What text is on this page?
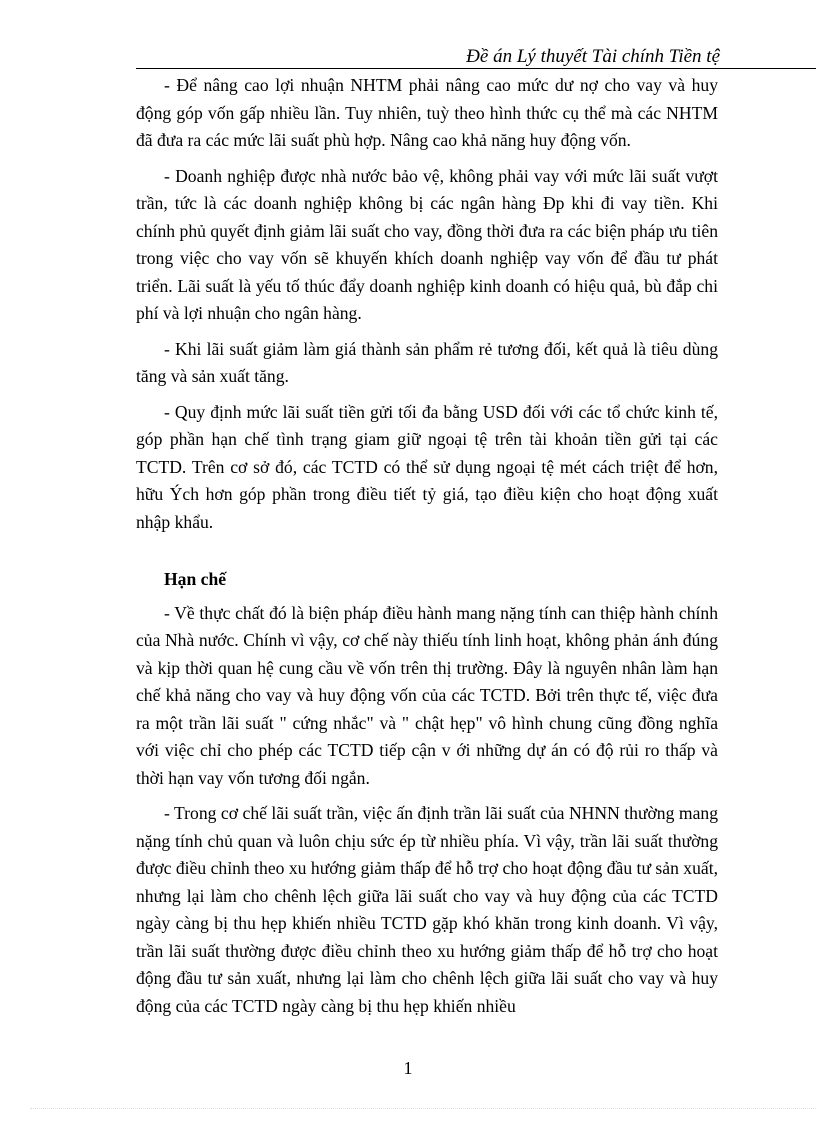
Đề án Lý thuyết Tài chính Tiền tệ

- Để nâng cao lợi nhuận NHTM phải nâng cao mức dư nợ cho vay và huy động góp vốn gấp nhiều lần. Tuy nhiên, tuỳ theo hình thức cụ thể mà các NHTM đã đưa ra các mức lãi suất phù hợp. Nâng cao khả năng huy động vốn.

- Doanh nghiệp được nhà nước bảo vệ, không phải vay với mức lãi suất vượt trần, tức là các doanh nghiệp không bị các ngân hàng Ðp khi đi vay tiền. Khi chính phủ quyết định giảm lãi suất cho vay, đồng thời đưa ra các biện pháp ưu tiên trong việc cho vay vốn sẽ khuyến khích doanh nghiệp vay vốn để đầu tư phát triển. Lãi suất là yếu tố thúc đẩy doanh nghiệp kinh doanh có hiệu quả, bù đắp chi phí và lợi nhuận cho ngân hàng.

- Khi lãi suất giảm làm giá thành sản phẩm rẻ tương đối, kết quả là tiêu dùng tăng và sản xuất tăng.

- Quy định mức lãi suất tiền gửi tối đa bằng USD đối với các tổ chức kinh tế, góp phần hạn chế tình trạng giam giữ ngoại tệ trên tài khoản tiền gửi tại các TCTD. Trên cơ sở đó, các TCTD có thể sử dụng ngoại tệ mét cách triệt để hơn, hữu Ých hơn góp phần trong điều tiết tỷ giá, tạo điều kiện cho hoạt động xuất nhập khẩu.

Hạn chế

- Về thực chất đó là biện pháp điều hành mang nặng tính can thiệp hành chính của Nhà nước. Chính vì vậy, cơ chế này thiếu tính linh hoạt, không phản ánh đúng và kịp thời quan hệ cung cầu về vốn trên thị trường. Đây là nguyên nhân làm hạn chế khả năng cho vay và huy động vốn của các TCTD. Bởi trên thực tế, việc đưa ra một trần lãi suất " cứng nhắc" và " chật hẹp" vô hình chung cũng đồng nghĩa với việc chỉ cho phép các TCTD tiếp cận v ới những dự án có độ rủi ro thấp và thời hạn vay vốn tương đối ngắn.

- Trong cơ chế lãi suất trần, việc ấn định trần lãi suất của NHNN thường mang nặng tính chủ quan và luôn chịu sức ép từ nhiều phía. Vì vậy, trần lãi suất thường được điều chỉnh theo xu hướng giảm thấp để hỗ trợ cho hoạt động đầu tư sản xuất, nhưng lại làm cho chênh lệch giữa lãi suất cho vay và huy động của các TCTD ngày càng bị thu hẹp khiến nhiều TCTD gặp khó khăn trong kinh doanh. Vì vậy, trần lãi suất thường được điều chỉnh theo xu hướng giảm thấp để hỗ trợ cho hoạt động đầu tư sản xuất, nhưng lại làm cho chênh lệch giữa lãi suất cho vay và huy động của các TCTD ngày càng bị thu hẹp khiến nhiều

1
